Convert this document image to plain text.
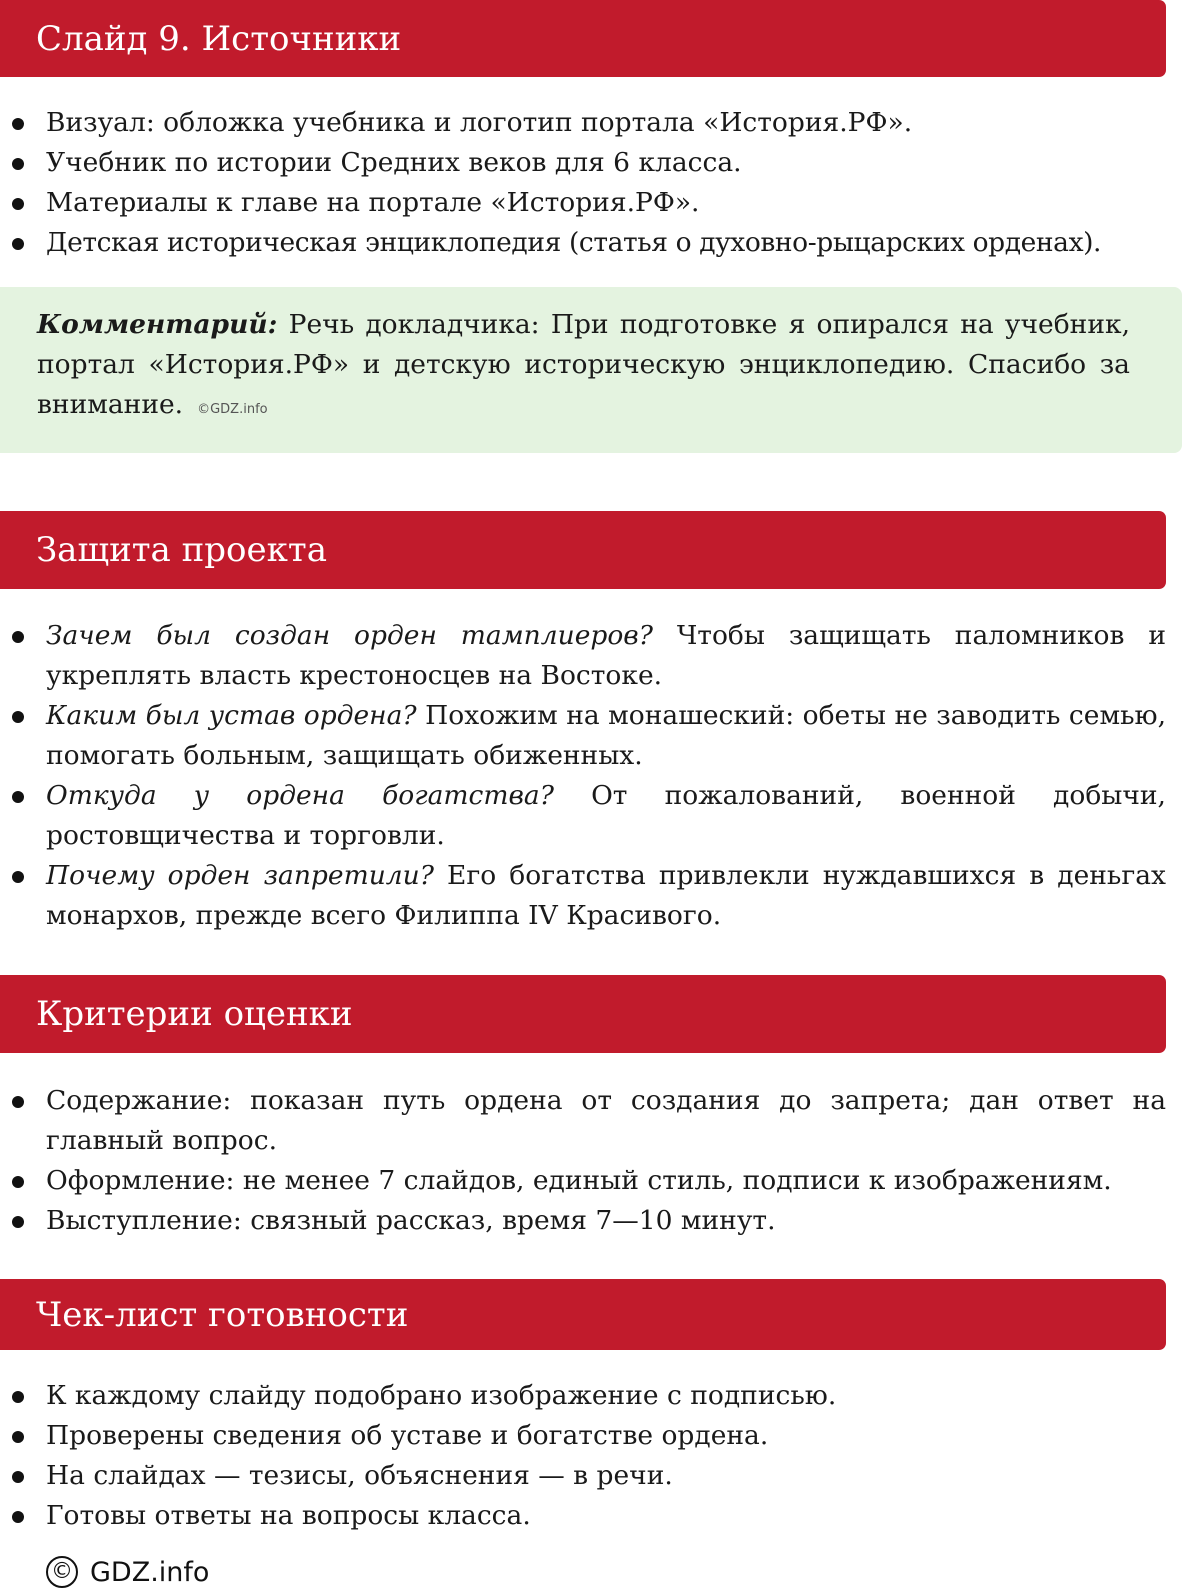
Слайд 9. Источники
Визуал: обложка учебника и логотип портала «История.РФ».
Учебник по истории Средних веков для 6 класса.
Материалы к главе на портале «История.РФ».
Детская историческая энциклопедия (статья о духовно-рыцарских орденах).
Комментарий: Речь докладчика: При подготовке я опирался на учебник, портал «История.РФ» и детскую историческую энциклопедию. Спасибо за внимание. ©GDZ.info
Защита проекта
Зачем был создан орден тамплиеров? Чтобы защищать паломников и укреплять власть крестоносцев на Востоке.
Каким был устав ордена? Похожим на монашеский: обеты не заводить семью, помогать больным, защищать обиженных.
Откуда у ордена богатства? От пожалований, военной добычи, ростовщичества и торговли.
Почему орден запретили? Его богатства привлекли нуждавшихся в деньгах монархов, прежде всего Филиппа IV Красивого.
Критерии оценки
Содержание: показан путь ордена от создания до запрета; дан ответ на главный вопрос.
Оформление: не менее 7 слайдов, единый стиль, подписи к изображениям.
Выступление: связный рассказ, время 7—10 минут.
Чек-лист готовности
К каждому слайду подобрано изображение с подписью.
Проверены сведения об уставе и богатстве ордена.
На слайдах — тезисы, объяснения — в речи.
Готовы ответы на вопросы класса.
© GDZ.info
